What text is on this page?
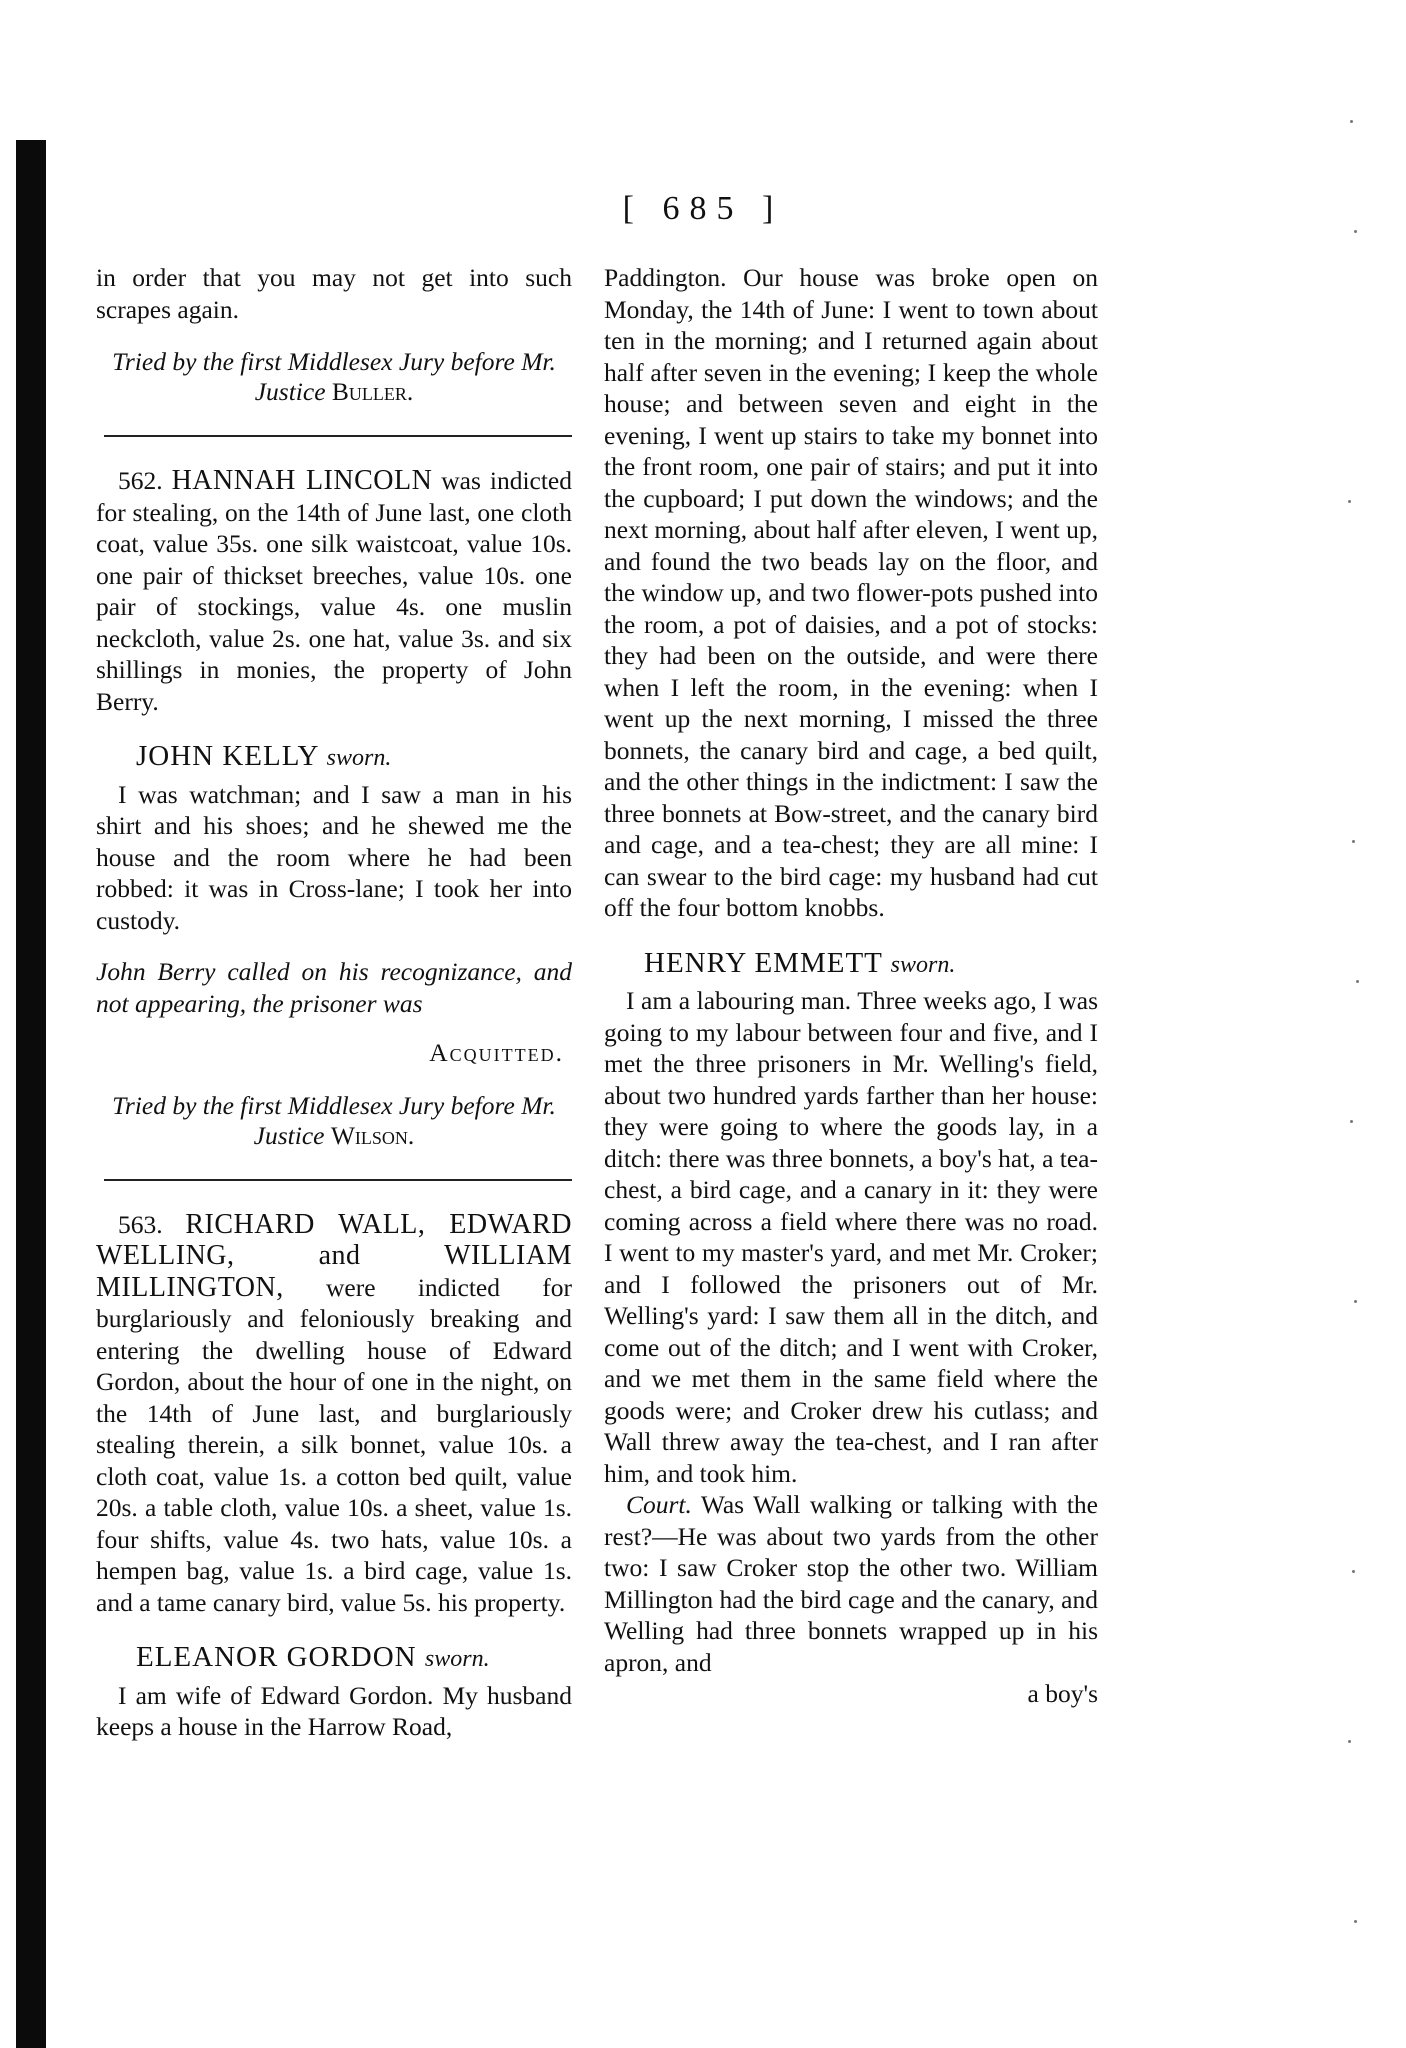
[ 685 ]

in order that you may not get into such scrapes again.

Tried by the first Middlesex Jury before Mr. Justice Buller.

562. HANNAH LINCOLN was indicted for stealing, on the 14th of June last, one cloth coat, value 35s. one silk waistcoat, value 10s. one pair of thickset breeches, value 10s. one pair of stockings, value 4s. one muslin neckcloth, value 2s. one hat, value 3s. and six shillings in monies, the property of John Berry.

JOHN KELLY sworn.

I was watchman; and I saw a man in his shirt and his shoes; and he shewed me the house and the room where he had been robbed: it was in Cross-lane; I took her into custody.

John Berry called on his recognizance, and not appearing, the prisoner was

Acquitted.

Tried by the first Middlesex Jury before Mr. Justice Wilson.

563. RICHARD WALL, EDWARD WELLING, and WILLIAM MILLINGTON, were indicted for burglariously and feloniously breaking and entering the dwelling house of Edward Gordon, about the hour of one in the night, on the 14th of June last, and burglariously stealing therein, a silk bonnet, value 10s. a cloth coat, value 1s. a cotton bed quilt, value 20s. a table cloth, value 10s. a sheet, value 1s. four shifts, value 4s. two hats, value 10s. a hempen bag, value 1s. a bird cage, value 1s. and a tame canary bird, value 5s. his property.

ELEANOR GORDON sworn.

I am wife of Edward Gordon. My husband keeps a house in the Harrow Road,

Paddington. Our house was broke open on Monday, the 14th of June: I went to town about ten in the morning; and I returned again about half after seven in the evening; I keep the whole house; and between seven and eight in the evening, I went up stairs to take my bonnet into the front room, one pair of stairs; and put it into the cupboard; I put down the windows; and the next morning, about half after eleven, I went up, and found the two beads lay on the floor, and the window up, and two flower-pots pushed into the room, a pot of daisies, and a pot of stocks: they had been on the outside, and were there when I left the room, in the evening: when I went up the next morning, I missed the three bonnets, the canary bird and cage, a bed quilt, and the other things in the indictment: I saw the three bonnets at Bow-street, and the canary bird and cage, and a tea-chest; they are all mine: I can swear to the bird cage: my husband had cut off the four bottom knobbs.

HENRY EMMETT sworn.

I am a labouring man. Three weeks ago, I was going to my labour between four and five, and I met the three prisoners in Mr. Welling's field, about two hundred yards farther than her house: they were going to where the goods lay, in a ditch: there was three bonnets, a boy's hat, a tea-chest, a bird cage, and a canary in it: they were coming across a field where there was no road. I went to my master's yard, and met Mr. Croker; and I followed the prisoners out of Mr. Welling's yard: I saw them all in the ditch, and come out of the ditch; and I went with Croker, and we met them in the same field where the goods were; and Croker drew his cutlass; and Wall threw away the tea-chest, and I ran after him, and took him.

Court. Was Wall walking or talking with the rest?—He was about two yards from the other two: I saw Croker stop the other two. William Millington had the bird cage and the canary, and Welling had three bonnets wrapped up in his apron, and

a boy's
